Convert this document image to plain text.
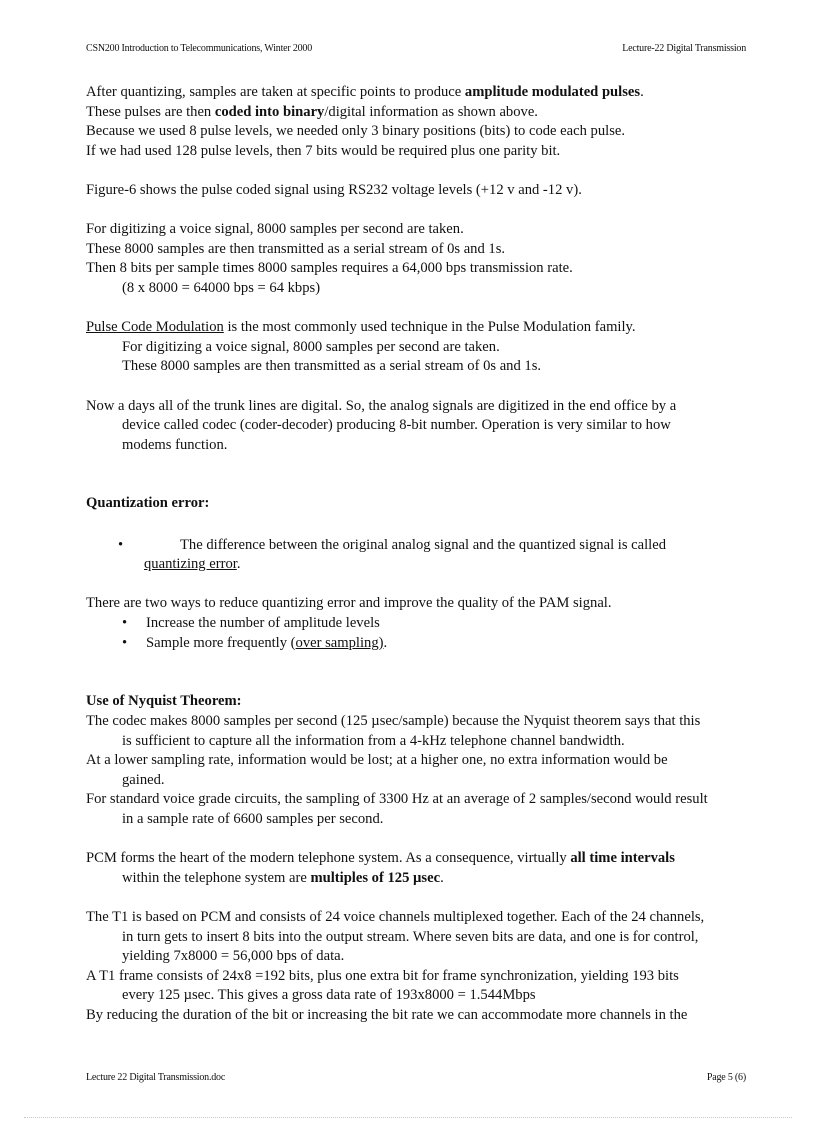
CSN200 Introduction to Telecommunications, Winter 2000	Lecture-22 Digital Transmission
After quantizing, samples are taken at specific points to produce amplitude modulated pulses.
These pulses are then coded into binary/digital information as shown above.
Because we used 8 pulse levels, we needed only 3 binary positions (bits) to code each pulse.
If we had used 128 pulse levels, then 7 bits would be required plus one parity bit.
Figure-6 shows the pulse coded signal using RS232 voltage levels (+12 v and -12 v).
For digitizing a voice signal, 8000 samples per second are taken.
These 8000 samples are then transmitted as a serial stream of 0s and 1s.
Then 8 bits per sample times 8000 samples requires a 64,000 bps transmission rate.
(8 x 8000 = 64000 bps = 64 kbps)
Pulse Code Modulation is the most commonly used technique in the Pulse Modulation family.
For digitizing a voice signal, 8000 samples per second are taken.
These 8000 samples are then transmitted as a serial stream of 0s and 1s.
Now a days all of the trunk lines are digital. So, the analog signals are digitized in the end office by a
device called codec (coder-decoder) producing 8-bit number. Operation is very similar to how
modems function.
Quantization error:
•	The difference between the original analog signal and the quantized signal is called
quantizing error.
There are two ways to reduce quantizing error and improve the quality of the PAM signal.
• Increase the number of amplitude levels
• Sample more frequently (over sampling).
Use of Nyquist Theorem:
The codec makes 8000 samples per second (125 µsec/sample) because the Nyquist theorem says that this
is sufficient to capture all the information from a 4-kHz telephone channel bandwidth.
At a lower sampling rate, information would be lost; at a higher one, no extra information would be
gained.
For standard voice grade circuits, the sampling of 3300 Hz at an average of 2 samples/second would result
in a sample rate of 6600 samples per second.
PCM forms the heart of the modern telephone system. As a consequence, virtually all time intervals
within the telephone system are multiples of 125 µsec.
The T1 is based on PCM and consists of 24 voice channels multiplexed together. Each of the 24 channels,
in turn gets to insert 8 bits into the output stream. Where seven bits are data, and one is for control,
yielding 7x8000 = 56,000 bps of data.
A T1 frame consists of 24x8 =192 bits, plus one extra bit for frame synchronization, yielding 193 bits
every 125 µsec. This gives a gross data rate of 193x8000 = 1.544Mbps
By reducing the duration of the bit or increasing the bit rate we can accommodate more channels in the
Lecture 22 Digital Transmission.doc	Page 5 (6)
